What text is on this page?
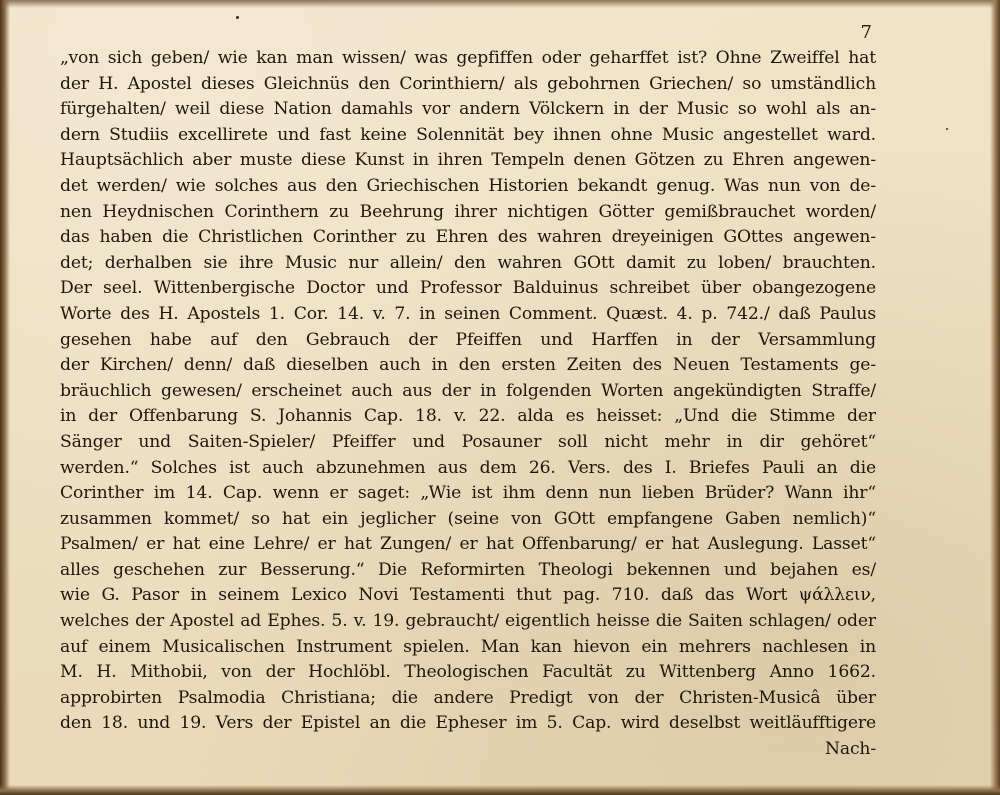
7
„von sich geben/ wie kan man wissen/ was gepfiffen oder geharffet ist? Ohne Zweiffel hat
der H. Apostel dieses Gleichnüs den Corinthiern/ als gebohrnen Griechen/ so umständlich
fürgehalten/ weil diese Nation damahls vor andern Völckern in der Music so wohl als an-
dern Studiis excellirete und fast keine Solennität bey ihnen ohne Music angestellet ward.
Hauptsächlich aber muste diese Kunst in ihren Tempeln denen Götzen zu Ehren angewen-
det werden/ wie solches aus den Griechischen Historien bekandt genug. Was nun von de-
nen Heydnischen Corinthern zu Beehrung ihrer nichtigen Götter gemißbrauchet worden/
das haben die Christlichen Corinther zu Ehren des wahren dreyeinigen GOttes angewen-
det; derhalben sie ihre Music nur allein/ den wahren GOtt damit zu loben/ brauchten.
Der seel. Wittenbergische Doctor und Professor Balduinus schreibet über obangezogene
Worte des H. Apostels 1. Cor. 14. v. 7. in seinen Comment. Quæst. 4. p. 742./ daß Paulus
gesehen habe auf den Gebrauch der Pfeiffen und Harffen in der Versammlung
der Kirchen/ denn/ daß dieselben auch in den ersten Zeiten des Neuen Testaments ge-
bräuchlich gewesen/ erscheinet auch aus der in folgenden Worten angekündigten Straffe/
in der Offenbarung S. Johannis Cap. 18. v. 22. alda es heisset: „Und die Stimme der
Sänger und Saiten-Spieler/ Pfeiffer und Posauner soll nicht mehr in dir gehöret“
werden.“ Solches ist auch abzunehmen aus dem 26. Vers. des I. Briefes Pauli an die
Corinther im 14. Cap. wenn er saget: „Wie ist ihm denn nun lieben Brüder? Wann ihr“
zusammen kommet/ so hat ein jeglicher (seine von GOtt empfangene Gaben nemlich)“
Psalmen/ er hat eine Lehre/ er hat Zungen/ er hat Offenbarung/ er hat Auslegung. Lasset“
alles geschehen zur Besserung.“ Die Reformirten Theologi bekennen und bejahen es/
wie G. Pasor in seinem Lexico Novi Testamenti thut pag. 710. daß das Wort ψάλλειν,
welches der Apostel ad Ephes. 5. v. 19. gebraucht/ eigentlich heisse die Saiten schlagen/ oder
auf einem Musicalischen Instrument spielen. Man kan hievon ein mehrers nachlesen in
M. H. Mithobii, von der Hochlöbl. Theologischen Facultät zu Wittenberg Anno 1662.
approbirten Psalmodia Christiana; die andere Predigt von der Christen-Musicâ über
den 18. und 19. Vers der Epistel an die Epheser im 5. Cap. wird deselbst weitläufftigere
Nach-
